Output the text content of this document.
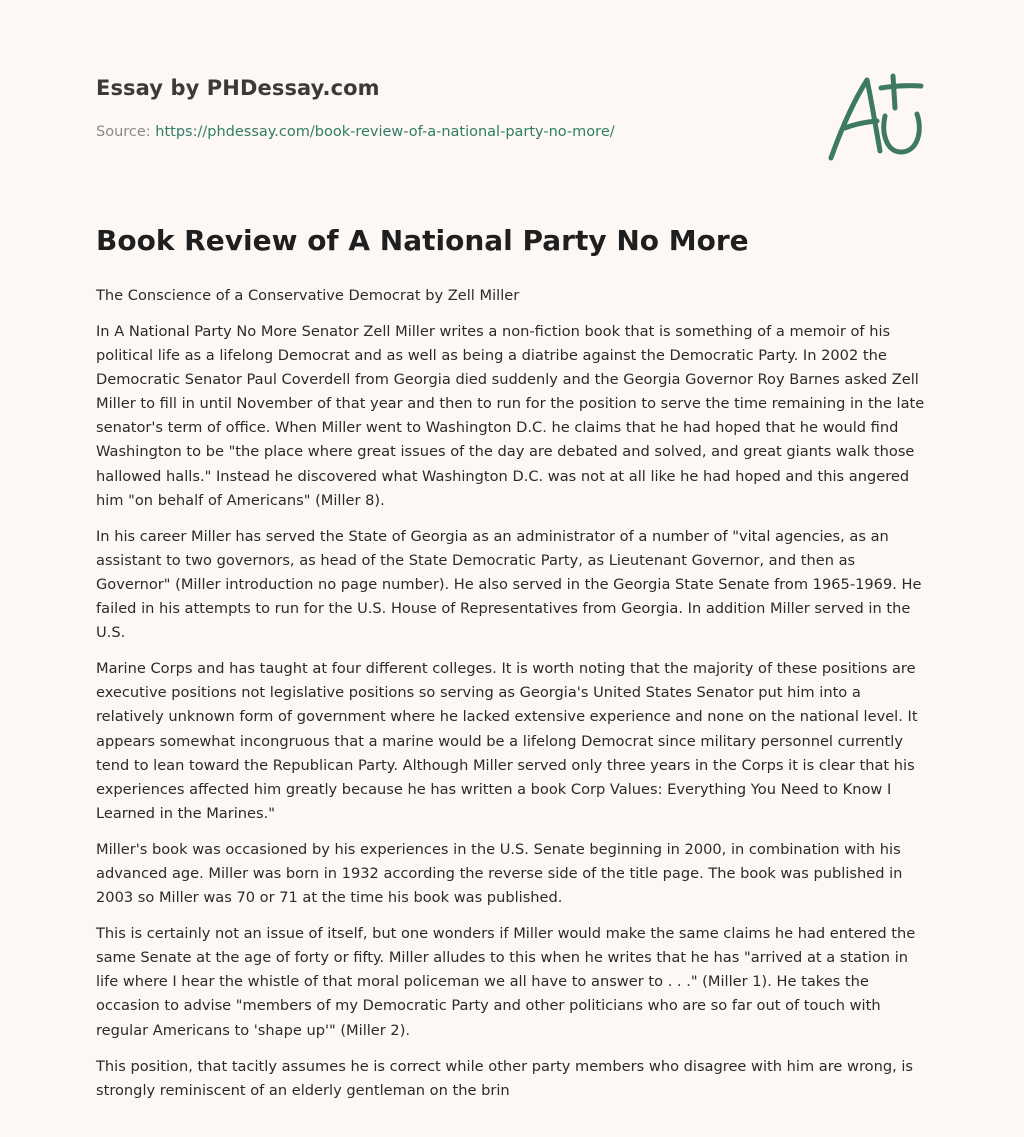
Essay by PHDessay.com
Source: https://phdessay.com/book-review-of-a-national-party-no-more/
Book Review of A National Party No More
The Conscience of a Conservative Democrat by Zell Miller

In A National Party No More Senator Zell Miller writes a non-fiction book that is something of a memoir of his political life as a lifelong Democrat and as well as being a diatribe against the Democratic Party. In 2002 the Democratic Senator Paul Coverdell from Georgia died suddenly and the Georgia Governor Roy Barnes asked Zell Miller to fill in until November of that year and then to run for the position to serve the time remaining in the late senator's term of office. When Miller went to Washington D.C. he claims that he had hoped that he would find Washington to be "the place where great issues of the day are debated and solved, and great giants walk those hallowed halls." Instead he discovered what Washington D.C. was not at all like he had hoped and this angered him "on behalf of Americans" (Miller 8).

In his career Miller has served the State of Georgia as an administrator of a number of "vital agencies, as an assistant to two governors, as head of the State Democratic Party, as Lieutenant Governor, and then as Governor" (Miller introduction no page number). He also served in the Georgia State Senate from 1965-1969. He failed in his attempts to run for the U.S. House of Representatives from Georgia. In addition Miller served in the U.S.

Marine Corps and has taught at four different colleges. It is worth noting that the majority of these positions are executive positions not legislative positions so serving as Georgia's United States Senator put him into a relatively unknown form of government where he lacked extensive experience and none on the national level. It appears somewhat incongruous that a marine would be a lifelong Democrat since military personnel currently tend to lean toward the Republican Party. Although Miller served only three years in the Corps it is clear that his experiences affected him greatly because he has written a book Corp Values: Everything You Need to Know I Learned in the Marines."

Miller's book was occasioned by his experiences in the U.S. Senate beginning in 2000, in combination with his advanced age. Miller was born in 1932 according the reverse side of the title page. The book was published in 2003 so Miller was 70 or 71 at the time his book was published.

This is certainly not an issue of itself, but one wonders if Miller would make the same claims he had entered the same Senate at the age of forty or fifty. Miller alludes to this when he writes that he has "arrived at a station in life where I hear the whistle of that moral policeman we all have to answer to . . ." (Miller 1). He takes the occasion to advise "members of my Democratic Party and other politicians who are so far out of touch with regular Americans to 'shape up'" (Miller 2).

This position, that tacitly assumes he is correct while other party members who disagree with him are wrong, is strongly reminiscent of an elderly gentleman on the brin
